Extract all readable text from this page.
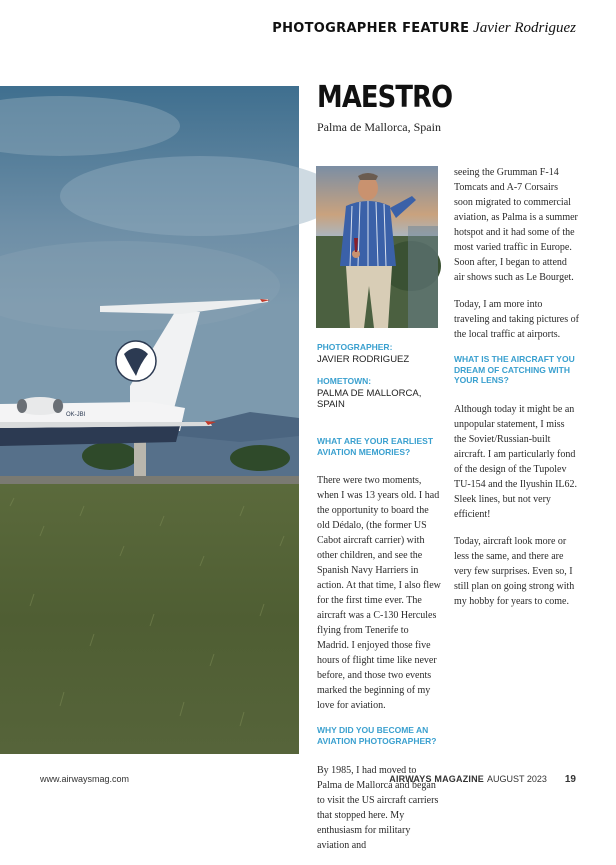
PHOTOGRAPHER FEATURE Javier Rodriguez
OK-JBI
MAESTRO
Palma de Mallorca, Spain
PHOTOGRAPHER:
JAVIER RODRIGUEZ
HOMETOWN:
PALMA DE MALLORCA, SPAIN
WHAT ARE YOUR EARLIEST AVIATION MEMORIES?

There were two moments, when I was 13 years old. I had the opportunity to board the old Dédalo, (the former US Cabot aircraft carrier) with other children, and see the Spanish Navy Harriers in action. At that time, I also flew for the first time ever. The aircraft was a C-130 Hercules flying from Tenerife to Madrid. I enjoyed those five hours of flight time like never before, and those two events marked the beginning of my love for aviation.

WHY DID YOU BECOME AN AVIATION PHOTOGRAPHER?

By 1985, I had moved to Palma de Mallorca and began to visit the US aircraft carriers that stopped here. My enthusiasm for military aviation and

seeing the Grumman F-14 Tomcats and A-7 Corsairs soon migrated to commercial aviation, as Palma is a summer hotspot and it had some of the most varied traffic in Europe. Soon after, I began to attend air shows such as Le Bourget.

Today, I am more into traveling and taking pictures of the local traffic at airports.

WHAT IS THE AIRCRAFT YOU DREAM OF CATCHING WITH YOUR LENS?

Although today it might be an unpopular statement, I miss the Soviet/Russian-built aircraft. I am particularly fond of the design of the Tupolev TU-154 and the Ilyushin IL62. Sleek lines, but not very efficient!

Today, aircraft look more or less the same, and there are very few surprises. Even so, I still plan on going strong with my hobby for years to come.

www.airwaysmag.com	AIRWAYS MAGAZINE AUGUST 2023 19
